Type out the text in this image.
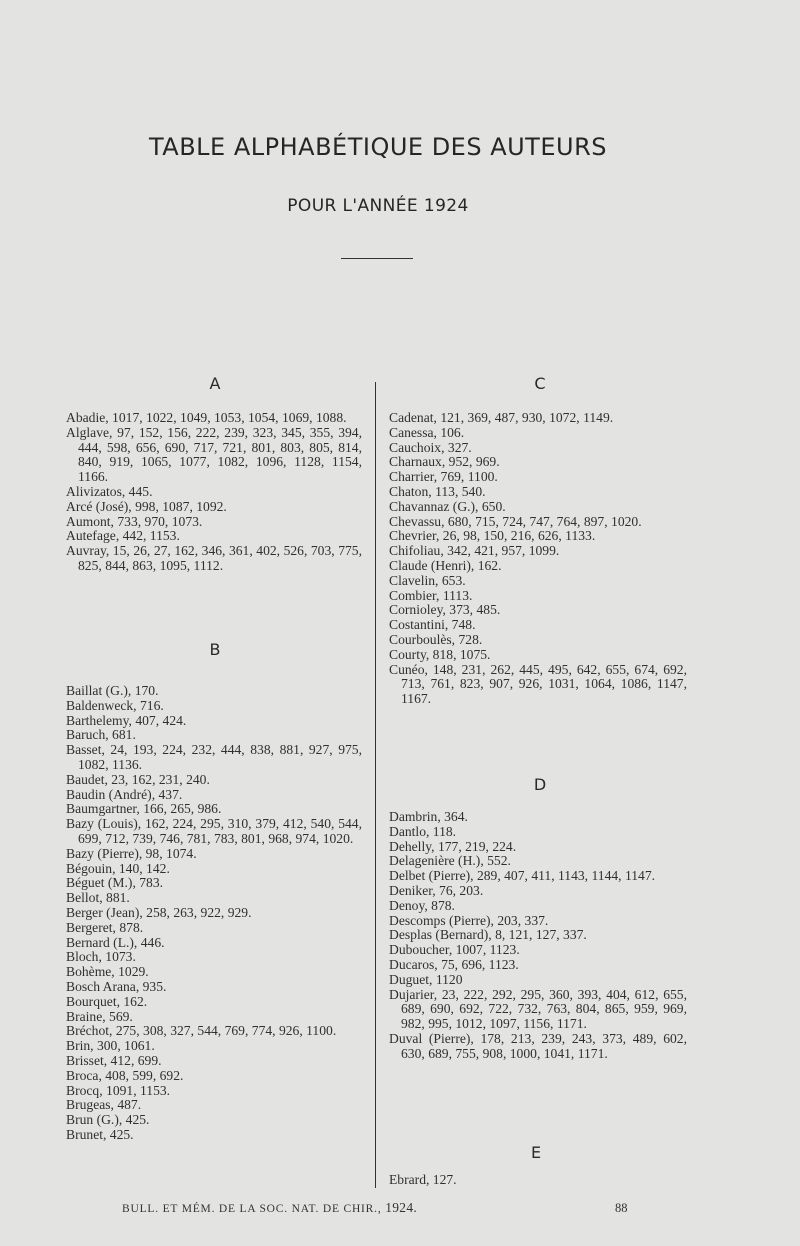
TABLE ALPHABÉTIQUE DES AUTEURS
POUR L'ANNÉE 1924
A
Abadie, 1017, 1022, 1049, 1053, 1054, 1069, 1088.
Alglave, 97, 152, 156, 222, 239, 323, 345, 355, 394, 444, 598, 656, 690, 717, 721, 801, 803, 805, 814, 840, 919, 1065, 1077, 1082, 1096, 1128, 1154, 1166.
Alivizatos, 445.
Arcé (José), 998, 1087, 1092.
Aumont, 733, 970, 1073.
Autefage, 442, 1153.
Auvray, 15, 26, 27, 162, 346, 361, 402, 526, 703, 775, 825, 844, 863, 1095, 1112.
B
Baillat (G.), 170.
Baldenweck, 716.
Barthelemy, 407, 424.
Baruch, 681.
Basset, 24, 193, 224, 232, 444, 838, 881, 927, 975, 1082, 1136.
Baudet, 23, 162, 231, 240.
Baudin (André), 437.
Baumgartner, 166, 265, 986.
Bazy (Louis), 162, 224, 295, 310, 379, 412, 540, 544, 699, 712, 739, 746, 781, 783, 801, 968, 974, 1020.
Bazy (Pierre), 98, 1074.
Bégouin, 140, 142.
Béguet (M.), 783.
Bellot, 881.
Berger (Jean), 258, 263, 922, 929.
Bergeret, 878.
Bernard (L.), 446.
Bloch, 1073.
Bohème, 1029.
Bosch Arana, 935.
Bourquet, 162.
Braine, 569.
Bréchot, 275, 308, 327, 544, 769, 774, 926, 1100.
Brin, 300, 1061.
Brisset, 412, 699.
Broca, 408, 599, 692.
Brocq, 1091, 1153.
Brugeas, 487.
Brun (G.), 425.
Brunet, 425.
C
Cadenat, 121, 369, 487, 930, 1072, 1149.
Canessa, 106.
Cauchoix, 327.
Charnaux, 952, 969.
Charrier, 769, 1100.
Chaton, 113, 540.
Chavannaz (G.), 650.
Chevassu, 680, 715, 724, 747, 764, 897, 1020.
Chevrier, 26, 98, 150, 216, 626, 1133.
Chifoliau, 342, 421, 957, 1099.
Claude (Henri), 162.
Clavelin, 653.
Combier, 1113.
Cornioley, 373, 485.
Costantini, 748.
Courboulès, 728.
Courty, 818, 1075.
Cunéo, 148, 231, 262, 445, 495, 642, 655, 674, 692, 713, 761, 823, 907, 926, 1031, 1064, 1086, 1147, 1167.
D
Dambrin, 364.
Dantlo, 118.
Dehelly, 177, 219, 224.
Delagenière (H.), 552.
Delbet (Pierre), 289, 407, 411, 1143, 1144, 1147.
Deniker, 76, 203.
Denoy, 878.
Descomps (Pierre), 203, 337.
Desplas (Bernard), 8, 121, 127, 337.
Duboucher, 1007, 1123.
Ducaros, 75, 696, 1123.
Duguet, 1120
Dujarier, 23, 222, 292, 295, 360, 393, 404, 612, 655, 689, 690, 692, 722, 732, 763, 804, 865, 959, 969, 982, 995, 1012, 1097, 1156, 1171.
Duval (Pierre), 178, 213, 239, 243, 373, 489, 602, 630, 689, 755, 908, 1000, 1041, 1171.
E
Ebrard, 127.
BULL. ET MÉM. DE LA SOC. NAT. DE CHIR., 1924.	88
